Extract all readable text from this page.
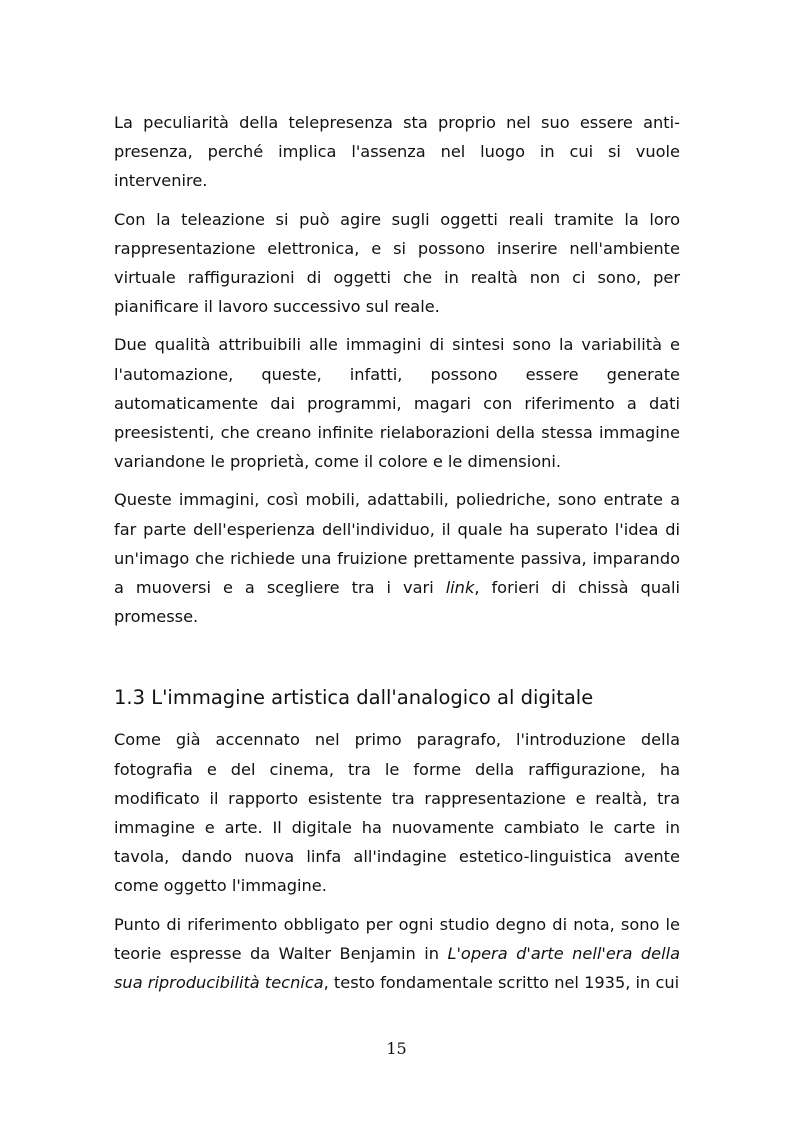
La peculiarità della telepresenza sta proprio nel suo essere anti-presenza, perché implica l'assenza nel luogo in cui si vuole intervenire.

Con la teleazione si può agire sugli oggetti reali tramite la loro rappresentazione elettronica, e si possono inserire nell'ambiente virtuale raffigurazioni di oggetti che in realtà non ci sono, per pianificare il lavoro successivo sul reale.

Due qualità attribuibili alle immagini di sintesi sono la variabilità e l'automazione, queste, infatti, possono essere generate automaticamente dai programmi, magari con riferimento a dati preesistenti, che creano infinite rielaborazioni della stessa immagine variandone le proprietà, come il colore e le dimensioni.

Queste immagini, così mobili, adattabili, poliedriche, sono entrate a far parte dell'esperienza dell'individuo, il quale ha superato l'idea di un'imago che richiede una fruizione prettamente passiva, imparando a muoversi e a scegliere tra i vari link, forieri di chissà quali promesse.

1.3 L'immagine artistica dall'analogico al digitale

Come già accennato nel primo paragrafo, l'introduzione della fotografia e del cinema, tra le forme della raffigurazione, ha modificato il rapporto esistente tra rappresentazione e realtà, tra immagine e arte. Il digitale ha nuovamente cambiato le carte in tavola, dando nuova linfa all'indagine estetico-linguistica avente come oggetto l'immagine.

Punto di riferimento obbligato per ogni studio degno di nota, sono le teorie espresse da Walter Benjamin in L'opera d'arte nell'era della sua riproducibilità tecnica, testo fondamentale scritto nel 1935, in cui

15
